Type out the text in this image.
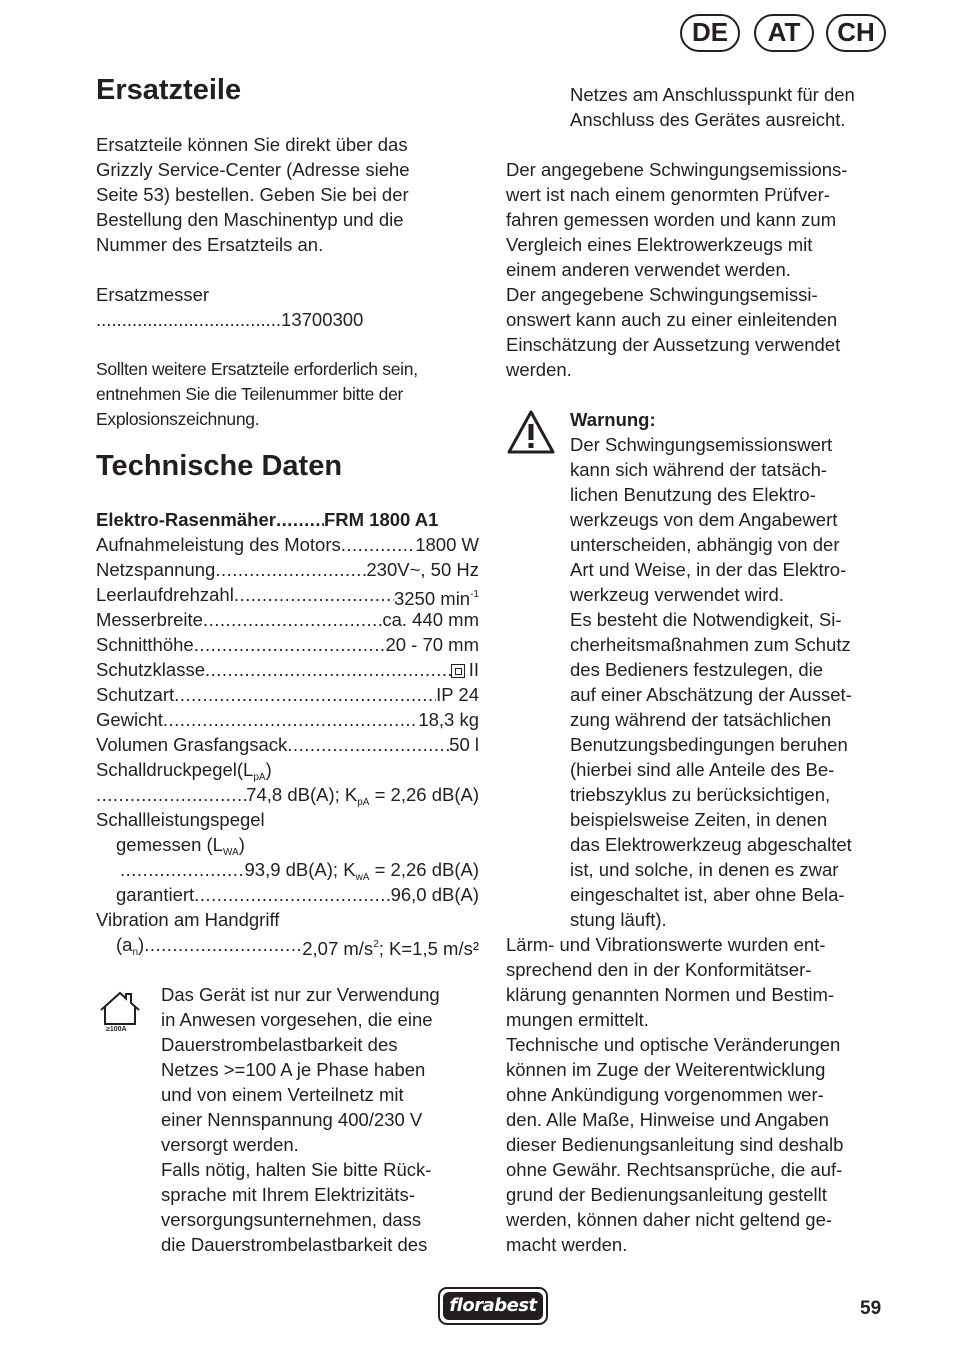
DE	AT	CH
Ersatzteile
Ersatzteile können Sie direkt über das
Grizzly Service-Center (Adresse siehe
Seite 53) bestellen. Geben Sie bei der
Bestellung den Maschinentyp und die
Nummer des Ersatzteils an.
Ersatzmesser
....................................13700300
Sollten weitere Ersatzteile erforderlich sein,
entnehmen Sie die Teilenummer bitte der
Explosionszeichnung.
Technische Daten
Elektro-Rasenmäher .....	FRM 1800 A1
Aufnahmeleistung des Motors .....	1800 W
Netzspannung .....	230V~, 50 Hz
Leerlaufdrehzahl .....	3250 $\min^{-1}$
Messerbreite .....	ca. 440 mm
Schnitthöhe .....	20 - 70 mm
Schutzklasse .....	II
Schutzart .....	IP 24
Gewicht .....	18,3 kg
Volumen Grasfangsack .....	50 l
$Schalldruckpegel(L_{pA})$
.....
74,8 dB(A); $K_{pA} = 2,26$ dB(A)
Schallleistungspegel
gemessen $(L_{WA})$
.....
93,9 dB(A); $K_{wA} = 2,26$ dB(A)
garantiert .....	96,0 dB(A)
Vibration am Handgriff
$(a_n)$ .....	2,07 $m/s^2$; K=1,5 m/s²
≥100A
Das Gerät ist nur zur Verwendung
in Anwesen vorgesehen, die eine
Dauerstrombelastbarkeit des
Netzes >=100 A je Phase haben
und von einem Verteilnetz mit
einer Nennspannung 400/230 V
versorgt werden.
Falls nötig, halten Sie bitte Rück-
sprache mit Ihrem Elektrizitäts-
versorgungsunternehmen, dass
die Dauerstrombelastbarkeit des
Netzes am Anschlusspunkt für den
Anschluss des Gerätes ausreicht.
Der angegebene Schwingungsemissions-
wert ist nach einem genormten Prüfver-
fahren gemessen worden und kann zum
Vergleich eines Elektrowerkzeugs mit
einem anderen verwendet werden.
Der angegebene Schwingungsemissi-
onswert kann auch zu einer einleitenden
Einschätzung der Aussetzung verwendet
werden.
Warnung:
Der Schwingungsemissionswert
kann sich während der tatsäch-
lichen Benutzung des Elektro-
werkzeugs von dem Angabewert
unterscheiden, abhängig von der
Art und Weise, in der das Elektro-
werkzeug verwendet wird.
Es besteht die Notwendigkeit, Si-
cherheitsmaßnahmen zum Schutz
des Bedieners festzulegen, die
auf einer Abschätzung der Ausset-
zung während der tatsächlichen
Benutzungsbedingungen beruhen
(hierbei sind alle Anteile des Be-
triebszyklus zu berücksichtigen,
beispielsweise Zeiten, in denen
das Elektrowerkzeug abgeschaltet
ist, und solche, in denen es zwar
eingeschaltet ist, aber ohne Bela-
stung läuft).
Lärm- und Vibrationswerte wurden ent-
sprechend den in der Konformitätser-
klärung genannten Normen und Bestim-
mungen ermittelt.
Technische und optische Veränderungen
können im Zuge der Weiterentwicklung
ohne Ankündigung vorgenommen wer-
den. Alle Maße, Hinweise und Angaben
dieser Bedienungsanleitung sind deshalb
ohne Gewähr. Rechtsansprüche, die auf-
grund der Bedienungsanleitung gestellt
werden, können daher nicht geltend ge-
macht werden.
florabest	59
